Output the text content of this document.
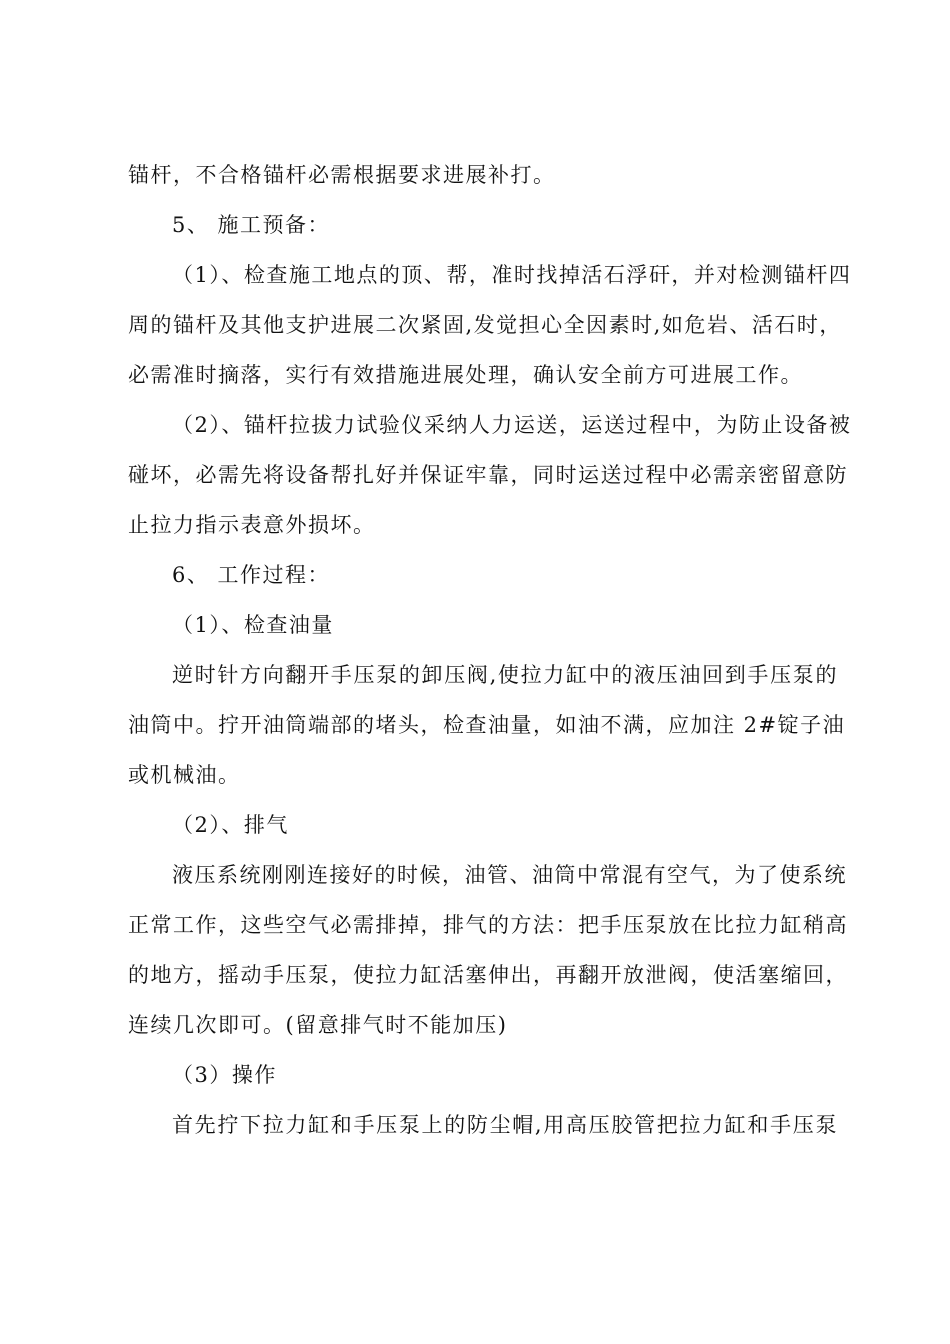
锚杆，不合格锚杆必需根据要求进展补打。
5、 施工预备：
（1）、检查施工地点的顶、帮，准时找掉活石浮矸，并对检测锚杆四
周的锚杆及其他支护进展二次紧固,发觉担心全因素时,如危岩、活石时，
必需准时摘落，实行有效措施进展处理，确认安全前方可进展工作。
（2）、锚杆拉拔力试验仪采纳人力运送，运送过程中，为防止设备被
碰坏，必需先将设备帮扎好并保证牢靠，同时运送过程中必需亲密留意防
止拉力指示表意外损坏。
6、 工作过程：
（1）、检查油量
逆时针方向翻开手压泵的卸压阀,使拉力缸中的液压油回到手压泵的
油筒中。拧开油筒端部的堵头，检查油量，如油不满，应加注 2#锭子油
或机械油。
（2）、排气
液压系统刚刚连接好的时候，油管、油筒中常混有空气，为了使系统
正常工作，这些空气必需排掉，排气的方法：把手压泵放在比拉力缸稍高
的地方，摇动手压泵，使拉力缸活塞伸出，再翻开放泄阀，使活塞缩回，
连续几次即可。(留意排气时不能加压)
（3）操作
首先拧下拉力缸和手压泵上的防尘帽,用高压胶管把拉力缸和手压泵
